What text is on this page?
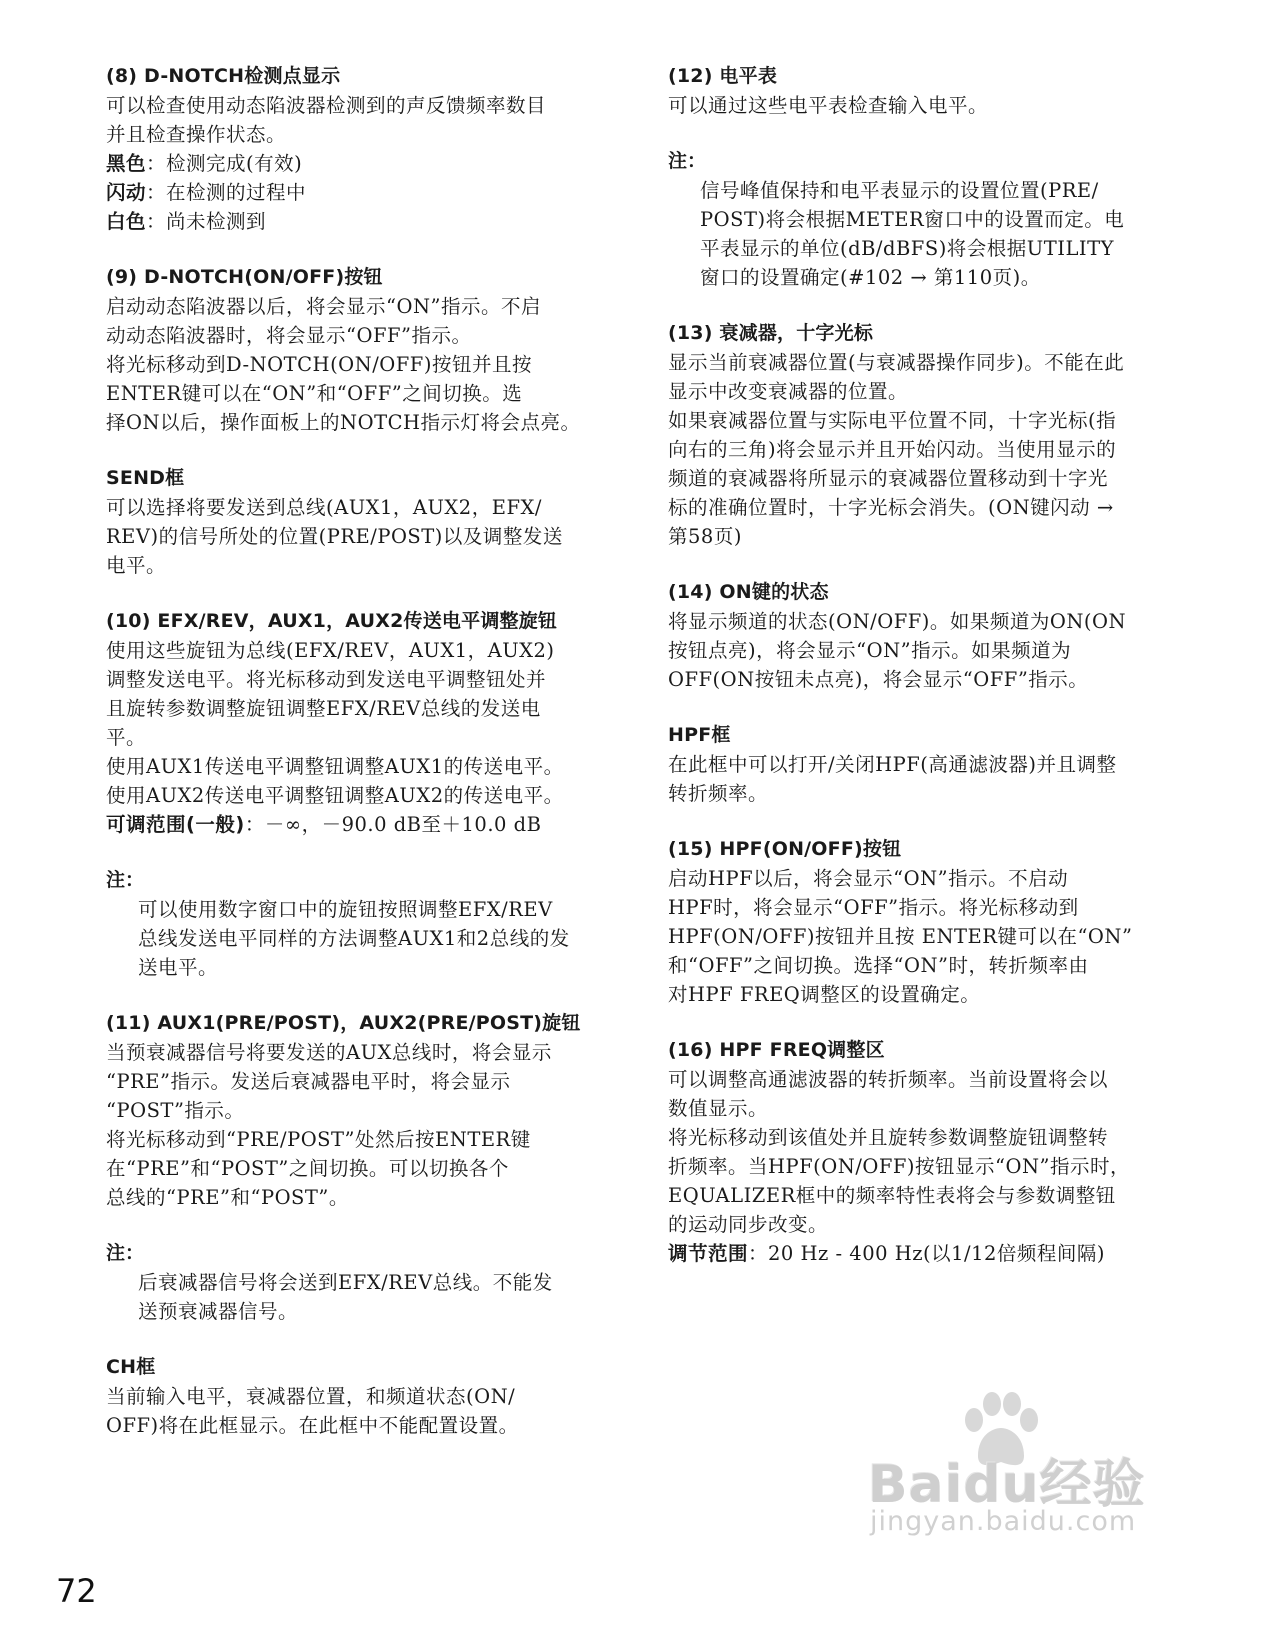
(8) D-NOTCH检测点显示
可以检查使用动态陷波器检测到的声反馈频率数目
并且检查操作状态。
黑色：检测完成(有效)
闪动：在检测的过程中
白色：尚未检测到
(9) D-NOTCH(ON/OFF)按钮
启动动态陷波器以后，将会显示“ON”指示。不启
动动态陷波器时，将会显示“OFF”指示。
将光标移动到D-NOTCH(ON/OFF)按钮并且按
ENTER键可以在“ON”和“OFF”之间切换。选
择ON以后，操作面板上的NOTCH指示灯将会点亮。
SEND框
可以选择将要发送到总线(AUX1，AUX2，EFX/
REV)的信号所处的位置(PRE/POST)以及调整发送
电平。
(10) EFX/REV，AUX1，AUX2传送电平调整旋钮
使用这些旋钮为总线(EFX/REV，AUX1，AUX2)
调整发送电平。将光标移动到发送电平调整钮处并
且旋转参数调整旋钮调整EFX/REV总线的发送电
平。
使用AUX1传送电平调整钮调整AUX1的传送电平。
使用AUX2传送电平调整钮调整AUX2的传送电平。
可调范围(一般)：－∞，－90.0 dB至＋10.0 dB
注：
可以使用数字窗口中的旋钮按照调整EFX/REV
总线发送电平同样的方法调整AUX1和2总线的发
送电平。
(11) AUX1(PRE/POST)，AUX2(PRE/POST)旋钮
当预衰减器信号将要发送的AUX总线时，将会显示
“PRE”指示。发送后衰减器电平时，将会显示
“POST”指示。
将光标移动到“PRE/POST”处然后按ENTER键
在“PRE”和“POST”之间切换。可以切换各个
总线的“PRE”和“POST”。
注：
后衰减器信号将会送到EFX/REV总线。不能发
送预衰减器信号。
CH框
当前输入电平，衰减器位置，和频道状态(ON/
OFF)将在此框显示。在此框中不能配置设置。
(12) 电平表
可以通过这些电平表检查输入电平。
注：
信号峰值保持和电平表显示的设置位置(PRE/
POST)将会根据METER窗口中的设置而定。电
平表显示的单位(dB/dBFS)将会根据UTILITY
窗口的设置确定(#102 → 第110页)。
(13) 衰减器，十字光标
显示当前衰减器位置(与衰减器操作同步)。不能在此
显示中改变衰减器的位置。
如果衰减器位置与实际电平位置不同，十字光标(指
向右的三角)将会显示并且开始闪动。当使用显示的
频道的衰减器将所显示的衰减器位置移动到十字光
标的准确位置时，十字光标会消失。(ON键闪动 →
第58页)
(14) ON键的状态
将显示频道的状态(ON/OFF)。如果频道为ON(ON
按钮点亮)，将会显示“ON”指示。如果频道为
OFF(ON按钮未点亮)，将会显示“OFF”指示。
HPF框
在此框中可以打开/关闭HPF(高通滤波器)并且调整
转折频率。
(15) HPF(ON/OFF)按钮
启动HPF以后，将会显示“ON”指示。不启动
HPF时，将会显示“OFF”指示。将光标移动到
HPF(ON/OFF)按钮并且按 ENTER键可以在“ON”
和“OFF”之间切换。选择“ON”时，转折频率由
对HPF FREQ调整区的设置确定。
(16) HPF FREQ调整区
可以调整高通滤波器的转折频率。当前设置将会以
数值显示。
将光标移动到该值处并且旋转参数调整旋钮调整转
折频率。当HPF(ON/OFF)按钮显示“ON”指示时，
EQUALIZER框中的频率特性表将会与参数调整钮
的运动同步改变。
调节范围：20 Hz - 400 Hz(以1/12倍频程间隔)
Baidu经验
jingyan.baidu.com
72
